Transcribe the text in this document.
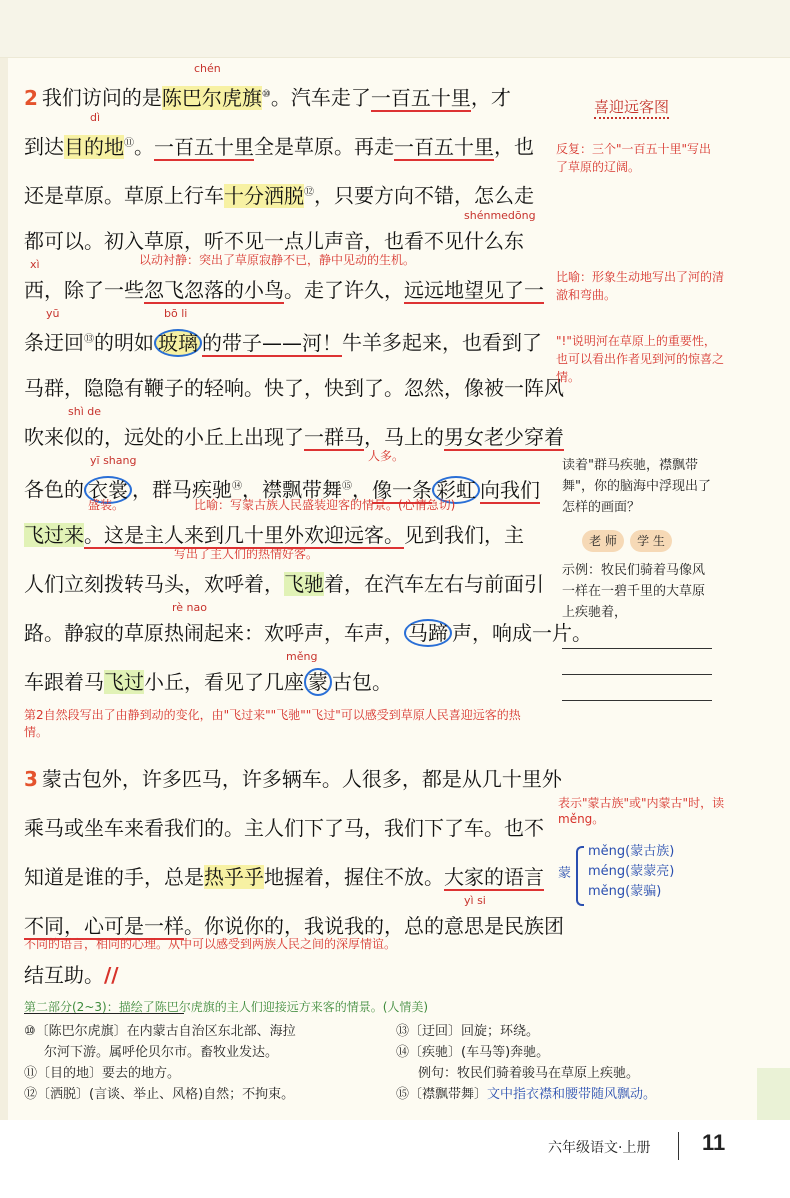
chén
2 我们访问的是陈巴尔虎旗⑩。汽车走了一百五十里，才
dì
到达目的地⑪。一百五十里全是草原。再走一百五十里，也
还是草原。草原上行车十分洒脱⑫，只要方向不错，怎么走
shénmedōng
都可以。初入草原，听不见一点儿声音，也看不见什么东
以动衬静：突出了草原寂静不已，静中见动的生机。
xì
西，除了一些忽飞忽落的小鸟。走了许久，远远地望见了一
yū	bō li
条迂回⑬的明如 玻璃 的带子——河！牛羊多起来，也看到了
马群，隐隐有鞭子的轻响。快了，快到了。忽然，像被一阵风
shì de
吹来似的，远处的小丘上出现了一群马，马上的男女老少穿着
人多。
yī shang
各色的 衣裳 ，群马疾驰⑭，襟飘带舞⑮，像一条 彩虹 向我们
盛装。	比喻：写蒙古族人民盛装迎客的情景。(心情急切)
飞过来。这是主人来到几十里外欢迎远客。见到我们，主
写出了主人们的热情好客。
人们立刻拨转马头，欢呼着，飞驰着，在汽车左右与前面引
rè nao
路。静寂的草原热闹起来：欢呼声，车声， 马蹄 声，响成一片。
měng
车跟着马飞过小丘，看见了几座 蒙 古包。
第2自然段写出了由静到动的变化，由"飞过来""飞驰""飞过"可以感受到草原人民喜迎远客的热情。
3 蒙古包外，许多匹马，许多辆车。人很多，都是从几十里外
乘马或坐车来看我们的。主人们下了马，我们下了车。也不
知道是谁的手，总是热乎乎地握着，握住不放。大家的语言
yì si
不同，心可是一样。你说你的，我说我的，总的意思是民族团
不同的语言，相同的心理。从中可以感受到两族人民之间的深厚情谊。
结互助。//
第二部分(2~3)：描绘了陈巴尔虎旗的主人们迎接远方来客的情景。(人情美)
喜迎远客图
反复：三个"一百五十里"写出了草原的辽阔。
比喻：形象生动地写出了河的清澈和弯曲。
"!"说明河在草原上的重要性，也可以看出作者见到河的惊喜之情。
读着"群马疾驰，襟飘带舞"，你的脑海中浮现出了怎样的画面？
老 师 学 生
示例：牧民们骑着马像风一样在一碧千里的大草原上疾驰着，
表示"蒙古族"或"内蒙古"时，读měng。
蒙
měng(蒙古族)
méng(蒙蒙亮)
měng(蒙骗)
⑩〔陈巴尔虎旗〕在内蒙古自治区东北部、海拉
尔河下游。属呼伦贝尔市。畜牧业发达。
⑪〔目的地〕要去的地方。
⑫〔洒脱〕(言谈、举止、风格)自然；不拘束。
⑬〔迂回〕回旋；环绕。
⑭〔疾驰〕(车马等)奔驰。
例句：牧民们骑着骏马在草原上疾驰。
⑮〔襟飘带舞〕文中指衣襟和腰带随风飘动。
六年级语文·上册 11
